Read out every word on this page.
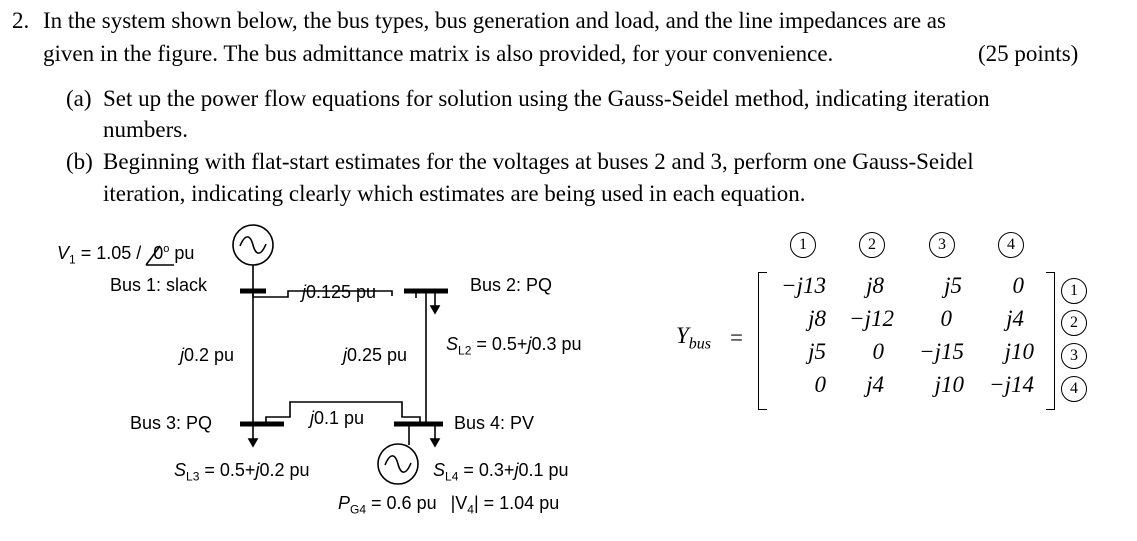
2. In the system shown below, the bus types, bus generation and load, and the line impedances are as
given in the figure. The bus admittance matrix is also provided, for your convenience.	(25 points)
(a) Set up the power flow equations for solution using the Gauss-Seidel method, indicating iteration
numbers.
(b) Beginning with flat-start estimates for the voltages at buses 2 and 3, perform one Gauss-Seidel
iteration, indicating clearly which estimates are being used in each equation.
$V_1 = 1.05 / 0^o$ pu
Bus 1: slack	Bus 2: PQ
Bus 3: PQ	Bus 4: PV
j0.125 pu
j0.2 pu	j0.25 pu
j0.1 pu
$S_{L2} = 0.5+j0.3$ pu
$S_{L3} = 0.5+j0.2$ pu	$S_{L4} = 0.3+j0.1$ pu
$P_{G4} = 0.6$ pu $|V_4| = 1.04$ pu
$Y_{bus}$ =
1	2	3	4
1
2
3
4
−j13	j8	j5	0
j8	−j12	0	j4
j5	0	−j15	j10
0	j4	j10	−j14
